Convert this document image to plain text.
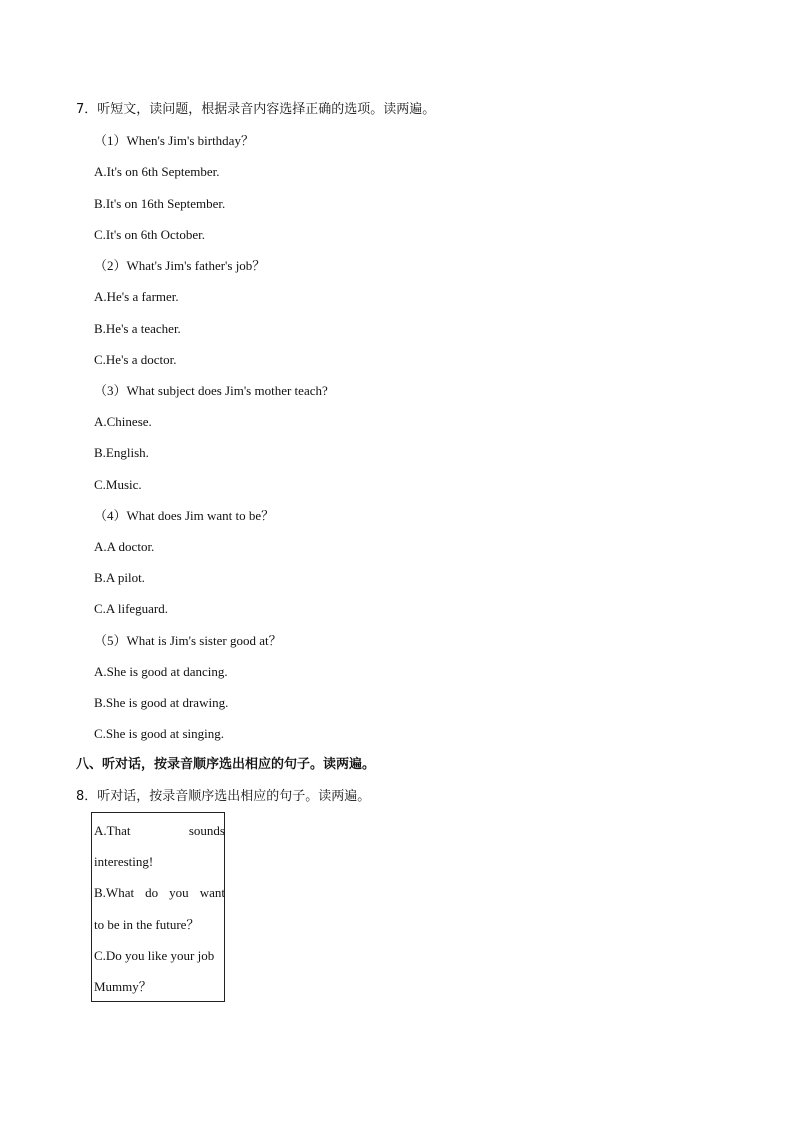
7．听短文，读问题，根据录音内容选择正确的选项。读两遍。
（1）When's Jim's birthday？
A.It's on 6th September.
B.It's on 16th September.
C.It's on 6th October.
（2）What's Jim's father's job？
A.He's a farmer.
B.He's a teacher.
C.He's a doctor.
（3）What subject does Jim's mother teach?
A.Chinese.
B.English.
C.Music.
（4）What does Jim want to be？
A.A doctor.
B.A pilot.
C.A lifeguard.
（5）What is Jim's sister good at？
A.She is good at dancing.
B.She is good at drawing.
C.She is good at singing.
八、听对话，按录音顺序选出相应的句子。读两遍。
8．听对话，按录音顺序选出相应的句子。读两遍。
A.That	sounds
interesting!
B.What do you want
to be in the future？
C.Do you like your job
Mummy？
